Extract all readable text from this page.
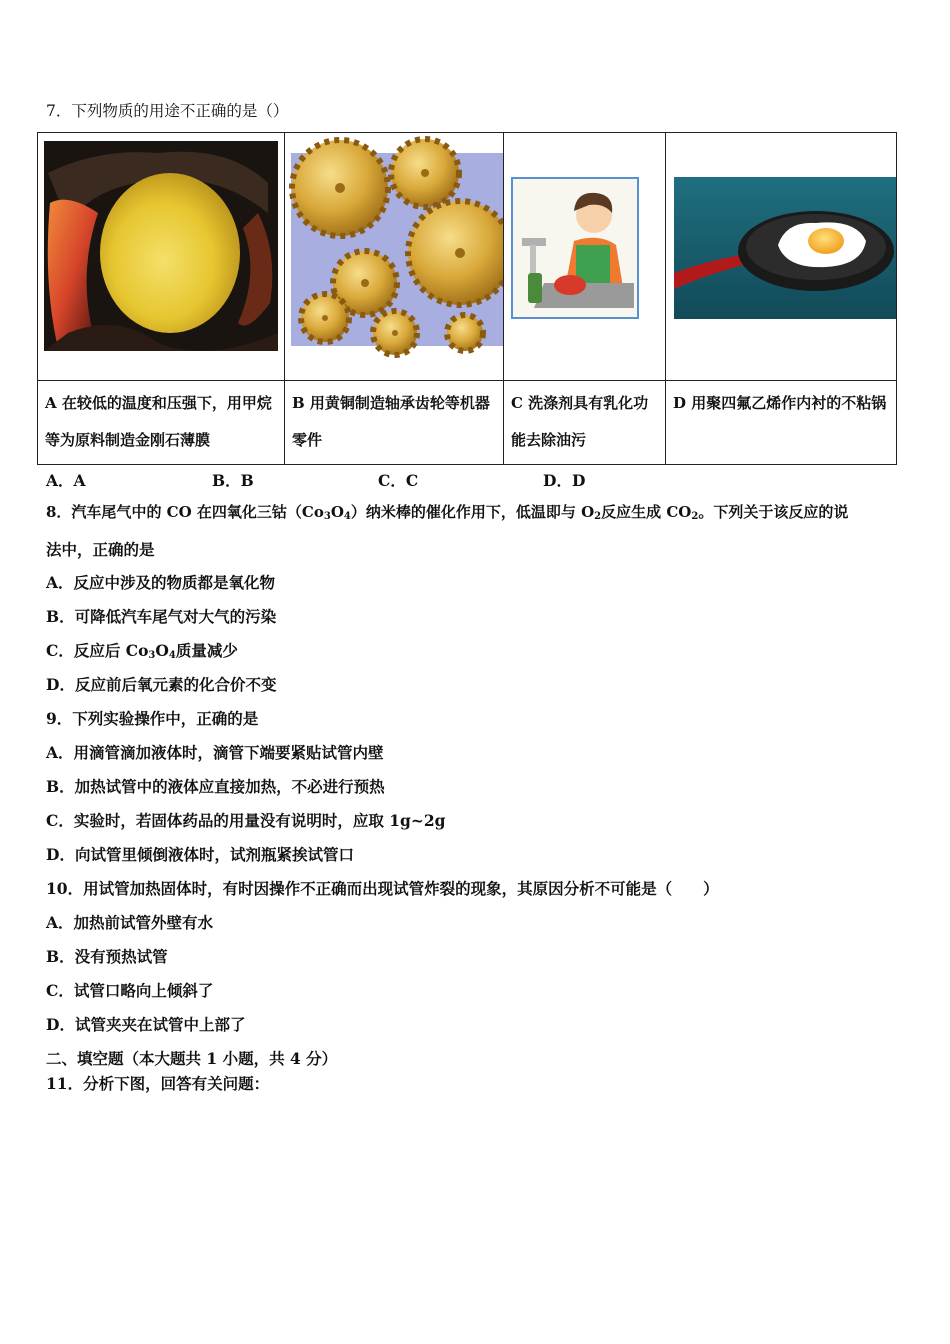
7．下列物质的用途不正确的是（）

A 在较低的温度和压强下，用甲烷等为原料制造金刚石薄膜	B 用黄铜制造轴承齿轮等机器零件	C 洗涤剂具有乳化功能去除油污	D 用聚四氟乙烯作内衬的不粘锅
A．A	B．B	C．C	D．D
8．汽车尾气中的 CO 在四氧化三钴$(Co_3O_4)$纳米棒的催化作用下，低温即与 $O_2$反应生成 $CO_2$。下列关于该反应的说
法中，正确的是
A．反应中涉及的物质都是氧化物
B．可降低汽车尾气对大气的污染
C．反应后 $Co_3O_4$质量减少
D．反应前后氧元素的化合价不变
9．下列实验操作中，正确的是
A．用滴管滴加液体时，滴管下端要紧贴试管内壁
B．加热试管中的液体应直接加热，不必进行预热
C．实验时，若固体药品的用量没有说明时，应取 1g~2g
D．向试管里倾倒液体时，试剂瓶紧挨试管口
10．用试管加热固体时，有时因操作不正确而出现试管炸裂的现象，其原因分析不可能是（　　）
A．加热前试管外壁有水
B．没有预热试管
C．试管口略向上倾斜了
D．试管夹夹在试管中上部了
二、填空题（本大题共 1 小题，共 4 分）
11．分析下图，回答有关问题：
